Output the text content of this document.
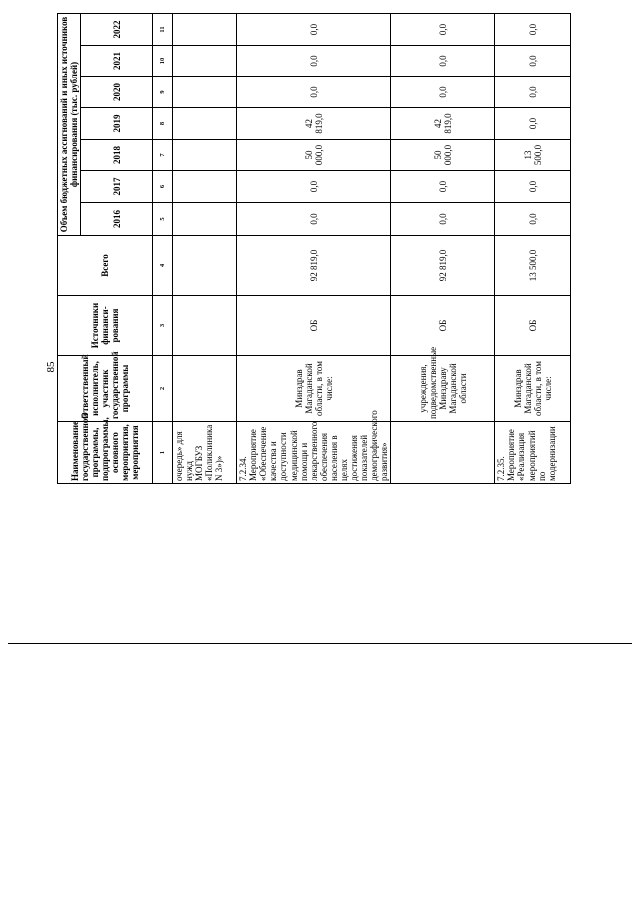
85
Наименование государственной программы, подпрограммы, основного мероприятия, мероприятия	Ответственный исполнитель, участник государственной программы	Источники финанси-рования	Всего	Объем бюджетных ассигнований и иных источников финансирования (тыс. рублей)						
				2016	2017	2018	2019	2020	2021	2022
1	2	3	4	5	6	7	8	9	10	11
очередь» для нужд МОГБУЗ «Поликлиника N 3»)»										
7.2.34. Мероприятие «Обеспечение качества и доступности медицинской помощи и лекарственного обеспечения населения в целях достижения показателей демографического развития»	Минздрав Магаданской области, в том числе:	ОБ	92 819,0	0,0	0,0	50 000,0	42 819,0	0,0	0,0	0,0
	учреждения, подведомственные Минздраву Магаданской области	ОБ	92 819,0	0,0	0,0	50 000,0	42 819,0	0,0	0,0	0,0
7.2.35. Мероприятие «Реализация мероприятий по модернизации	Минздрав Магаданской области, в том числе:	ОБ	13 500,0	0,0	0,0	13 500,0	0,0	0,0	0,0	0,0
